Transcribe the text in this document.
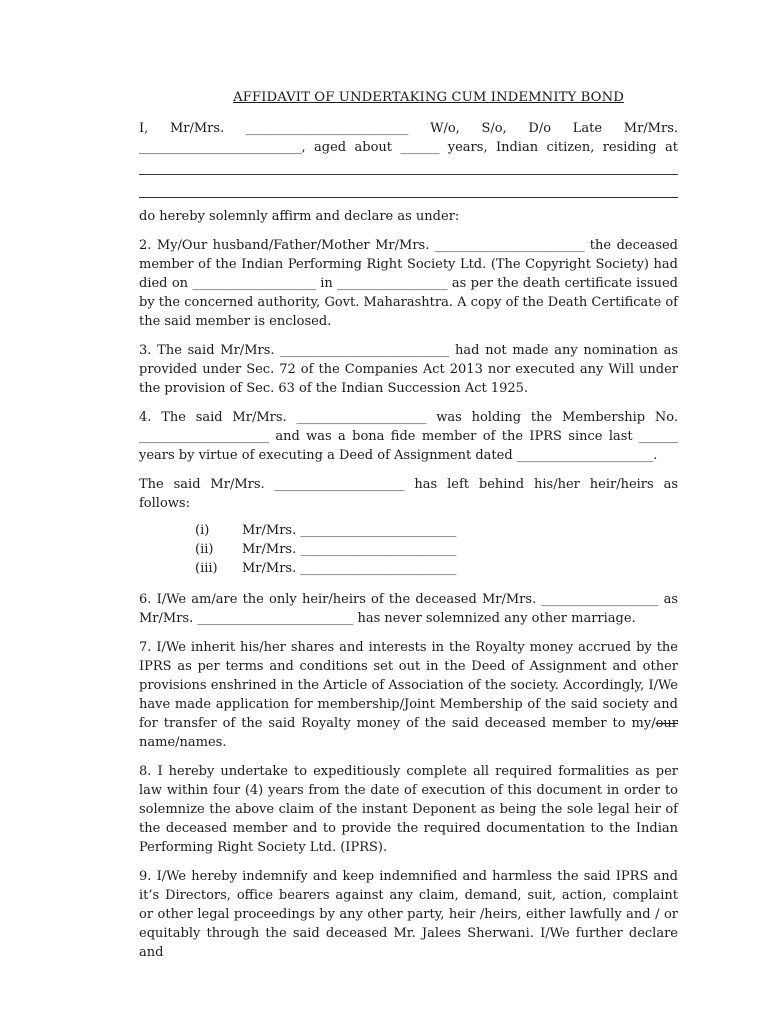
AFFIDAVIT OF UNDERTAKING CUM INDEMNITY BOND

I, Mr/Mrs. _________________________ W/o, S/o, D/o Late Mr/Mrs.

_________________________, aged about ______ years, Indian citizen, residing at

do hereby solemnly affirm and declare as under:

2. My/Our husband/Father/Mother Mr/Mrs. _______________________ the deceased member of the Indian Performing Right Society Ltd. (The Copyright Society) had died on ___________________ in _________________ as per the death certificate issued by the concerned authority, Govt. Maharashtra. A copy of the Death Certificate of the said member is enclosed.

3. The said Mr/Mrs. __________________________ had not made any nomination as provided under Sec. 72 of the Companies Act 2013 nor executed any Will under the provision of Sec. 63 of the Indian Succession Act 1925.

4. The said Mr/Mrs. ____________________ was holding the Membership No. ____________________ and was a bona fide member of the IPRS since last ______ years by virtue of executing a Deed of Assignment dated _____________________.

The said Mr/Mrs. ____________________ has left behind his/her heir/heirs as follows:

(i)	Mr/Mrs. ________________________
(ii)	Mr/Mrs. ________________________
(iii)	Mr/Mrs. ________________________

6. I/We am/are the only heir/heirs of the deceased Mr/Mrs. __________________ as Mr/Mrs. ________________________ has never solemnized any other marriage.

7. I/We inherit his/her shares and interests in the Royalty money accrued by the IPRS as per terms and conditions set out in the Deed of Assignment and other provisions enshrined in the Article of Association of the society. Accordingly, I/We have made application for membership/Joint Membership of the said society and for transfer of the said Royalty money of the said deceased member to my/our name/names.

8. I hereby undertake to expeditiously complete all required formalities as per law within four (4) years from the date of execution of this document in order to solemnize the above claim of the instant Deponent as being the sole legal heir of the deceased member and to provide the required documentation to the Indian Performing Right Society Ltd. (IPRS).

9. I/We hereby indemnify and keep indemnified and harmless the said IPRS and it’s Directors, office bearers against any claim, demand, suit, action, complaint or other legal proceedings by any other party, heir /heirs, either lawfully and / or equitably through the said deceased Mr. Jalees Sherwani. I/We further declare and
